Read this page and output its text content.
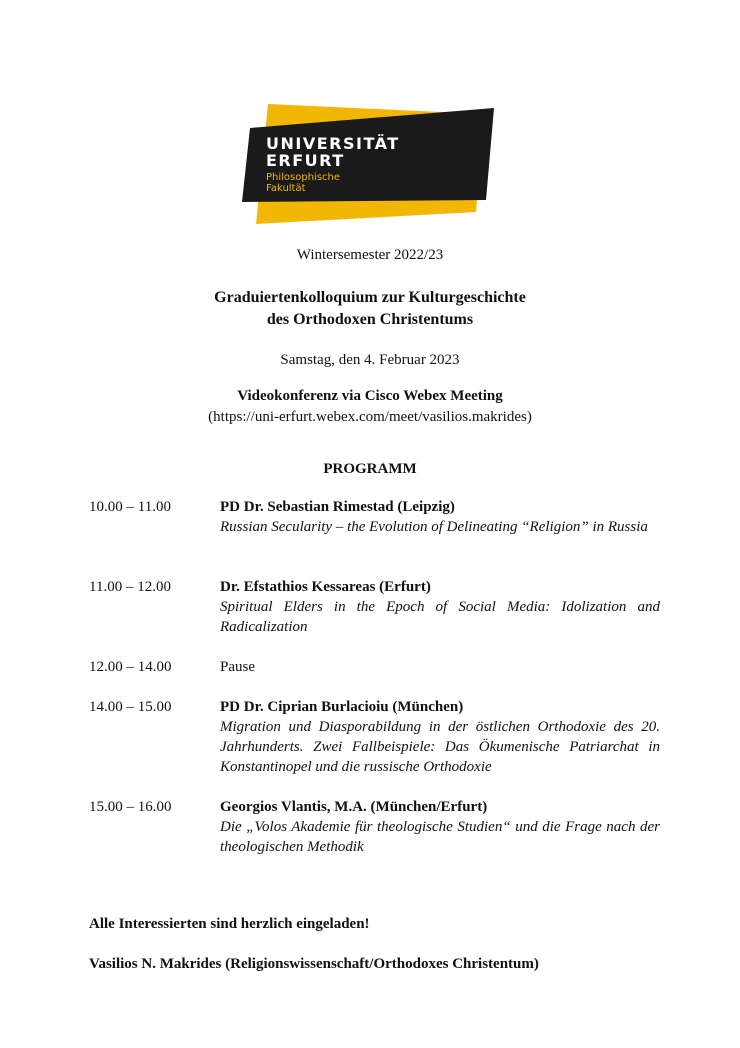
UNIVERSITÄT
ERFURT
Philosophische
Fakultät
Wintersemester 2022/23
Graduiertenkolloquium zur Kulturgeschichte
des Orthodoxen Christentums
Samstag, den 4. Februar 2023
Videokonferenz via Cisco Webex Meeting
(https://uni-erfurt.webex.com/meet/vasilios.makrides)
PROGRAMM
10.00 – 11.00	PD Dr. Sebastian Rimestad (Leipzig)
Russian Secularity – the Evolution of Delineating “Religion” in Russia
11.00 – 12.00	Dr. Efstathios Kessareas (Erfurt)
Spiritual Elders in the Epoch of Social Media: Idolization and Radicalization
12.00 – 14.00	Pause
14.00 – 15.00	PD Dr. Ciprian Burlacioiu (München)
Migration und Diasporabildung in der östlichen Orthodoxie des 20. Jahrhunderts. Zwei Fallbeispiele: Das Ökumenische Patriarchat in Konstantinopel und die russische Orthodoxie
15.00 – 16.00	Georgios Vlantis, M.A. (München/Erfurt)
Die „Volos Akademie für theologische Studien“ und die Frage nach der theologischen Methodik
Alle Interessierten sind herzlich eingeladen!
Vasilios N. Makrides (Religionswissenschaft/Orthodoxes Christentum)
